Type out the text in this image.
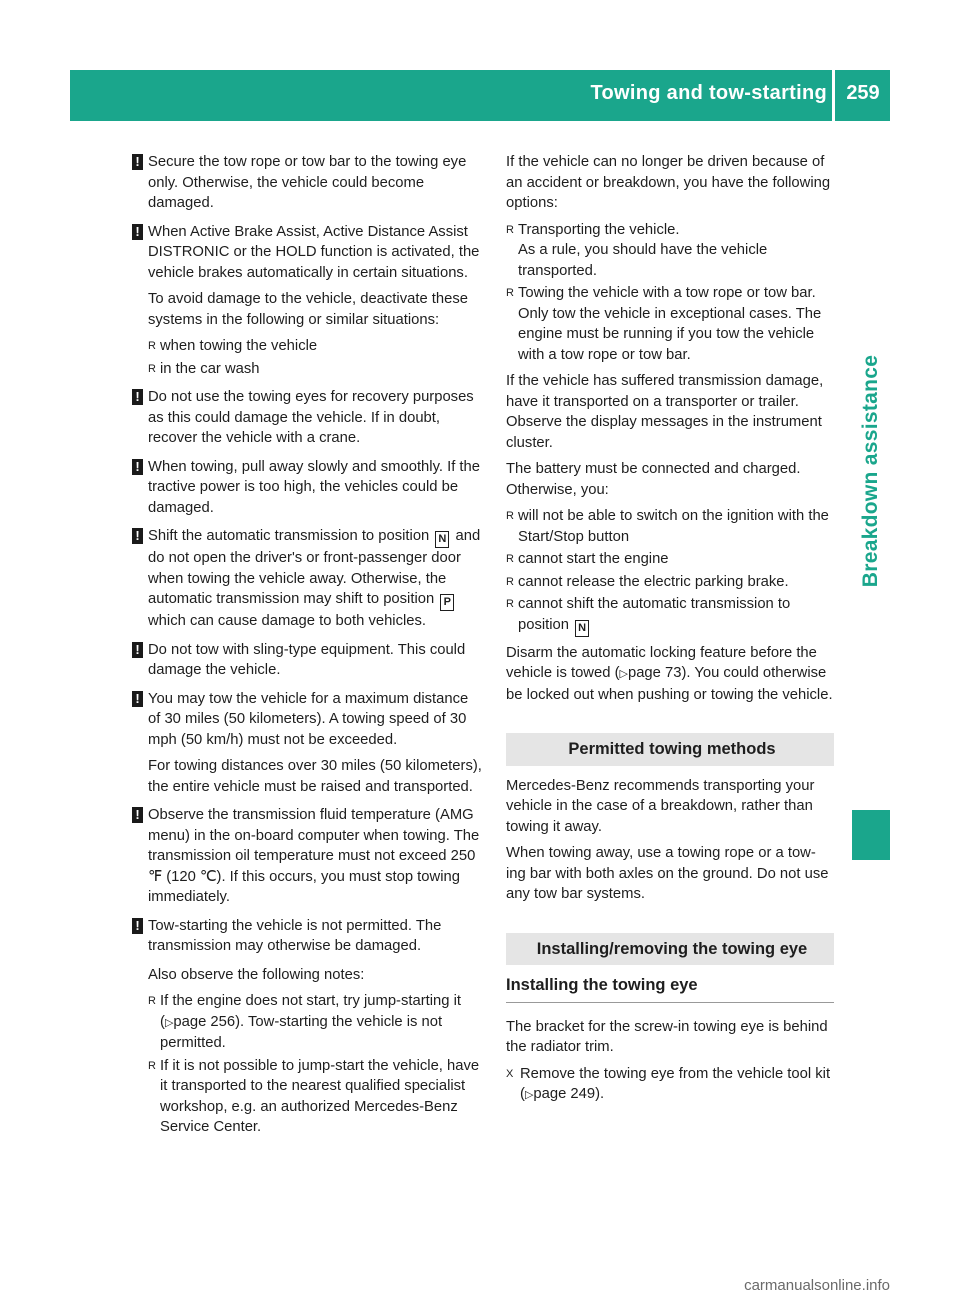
Towing and tow-starting 259
Breakdown assistance

! Secure the tow rope or tow bar to the towing eye only. Otherwise, the vehicle could become damaged.

! When Active Brake Assist, Active Distance Assist DISTRONIC or the HOLD function is activated, the vehicle brakes automatically in certain situations.

To avoid damage to the vehicle, deactivate these systems in the following or similar situations:

R when towing the vehicle
R in the car wash

! Do not use the towing eyes for recovery purposes as this could damage the vehicle. If in doubt, recover the vehicle with a crane.

! When towing, pull away slowly and smoothly. If the tractive power is too high, the vehicles could be damaged.

! Shift the automatic transmission to position N and do not open the driver's or front-passenger door when towing the vehicle away. Otherwise, the automatic transmission may shift to position P which can cause damage to both vehicles.

! Do not tow with sling-type equipment. This could damage the vehicle.

! You may tow the vehicle for a maximum distance of 30 miles (50 kilometers). A towing speed of 30 mph (50 km/h) must not be exceeded.

For towing distances over 30 miles (50 kilometers), the entire vehicle must be raised and transported.

! Observe the transmission fluid temperature (AMG menu) in the on-board computer when towing. The transmission oil temperature must not exceed 250 ℉ (120 ℃). If this occurs, you must stop towing immediately.

! Tow-starting the vehicle is not permitted. The transmission may otherwise be damaged.

Also observe the following notes:

R If the engine does not start, try jump-starting it (▷page 256). Tow-starting the vehicle is not permitted.
R If it is not possible to jump-start the vehicle, have it transported to the nearest qualified specialist workshop, e.g. an authorized Mercedes-Benz Service Center.

If the vehicle can no longer be driven because of an accident or breakdown, you have the following options:

R Transporting the vehicle.
As a rule, you should have the vehicle transported.
R Towing the vehicle with a tow rope or tow bar.
Only tow the vehicle in exceptional cases. The engine must be running if you tow the vehicle with a tow rope or tow bar.

If the vehicle has suffered transmission damage, have it transported on a transporter or trailer.

Observe the display messages in the instrument cluster.

The battery must be connected and charged. Otherwise, you:

R will not be able to switch on the ignition with the Start/Stop button
R cannot start the engine
R cannot release the electric parking brake.
R cannot shift the automatic transmission to position N

Disarm the automatic locking feature before the vehicle is towed (▷page 73). You could otherwise be locked out when pushing or towing the vehicle.

Permitted towing methods

Mercedes-Benz recommends transporting your vehicle in the case of a breakdown, rather than towing it away.

When towing away, use a towing rope or a tow-ing bar with both axles on the ground. Do not use any tow bar systems.

Installing/removing the towing eye
Installing the towing eye

The bracket for the screw-in towing eye is behind the radiator trim.

X Remove the towing eye from the vehicle tool kit (▷page 249).

carmanualsonline.info
